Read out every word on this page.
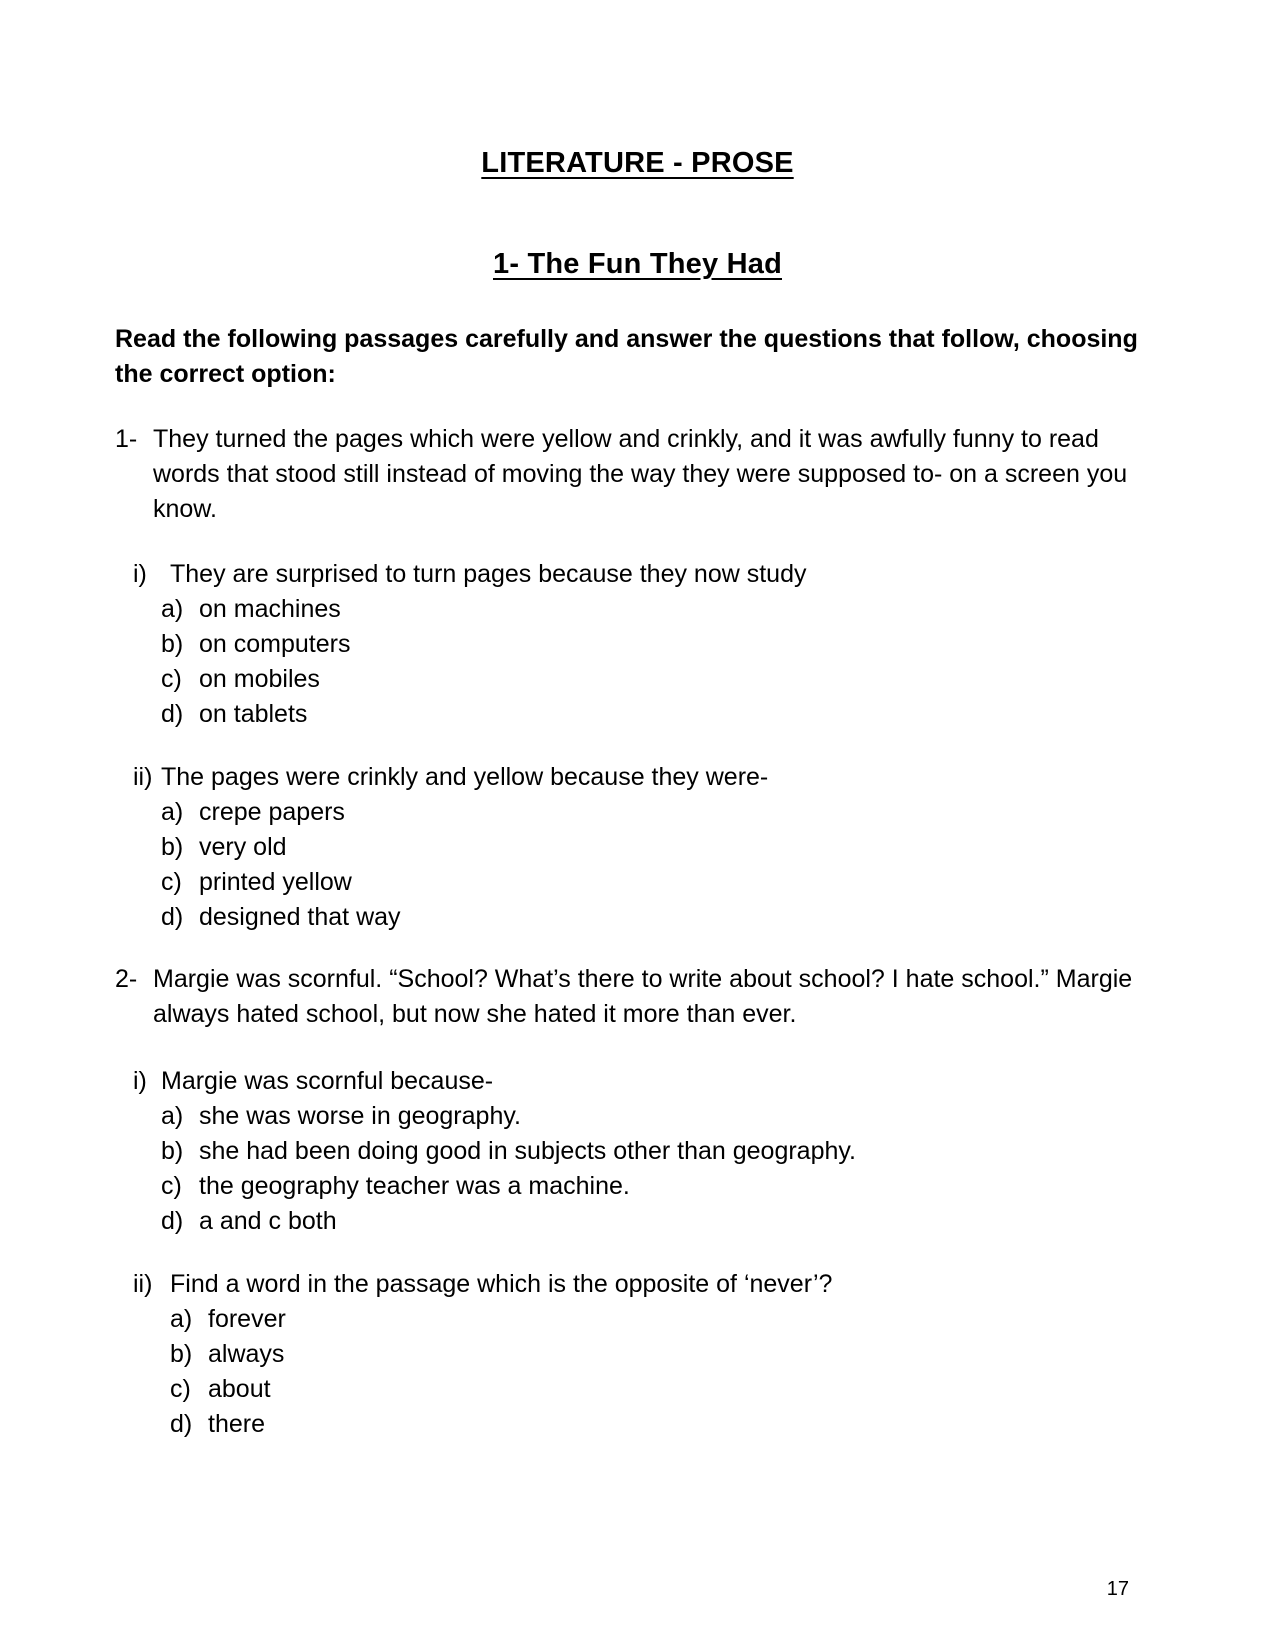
LITERATURE - PROSE
1- The Fun They Had
Read the following passages carefully and answer the questions that follow, choosing the correct option:
1- They turned the pages which were yellow and crinkly, and it was awfully funny to read words that stood still instead of moving the way they were supposed to- on a screen you know.
i) They are surprised to turn pages because they now study
a) on machines
b) on computers
c) on mobiles
d) on tablets
ii) The pages were crinkly and yellow because they were-
a) crepe papers
b) very old
c) printed yellow
d) designed that way
2- Margie was scornful. “School? What’s there to write about school? I hate school.” Margie always hated school, but now she hated it more than ever.
i) Margie was scornful because-
a) she was worse in geography.
b) she had been doing good in subjects other than geography.
c) the geography teacher was a machine.
d) a and c both
ii) Find a word in the passage which is the opposite of ‘never’?
a) forever
b) always
c) about
d) there
17
